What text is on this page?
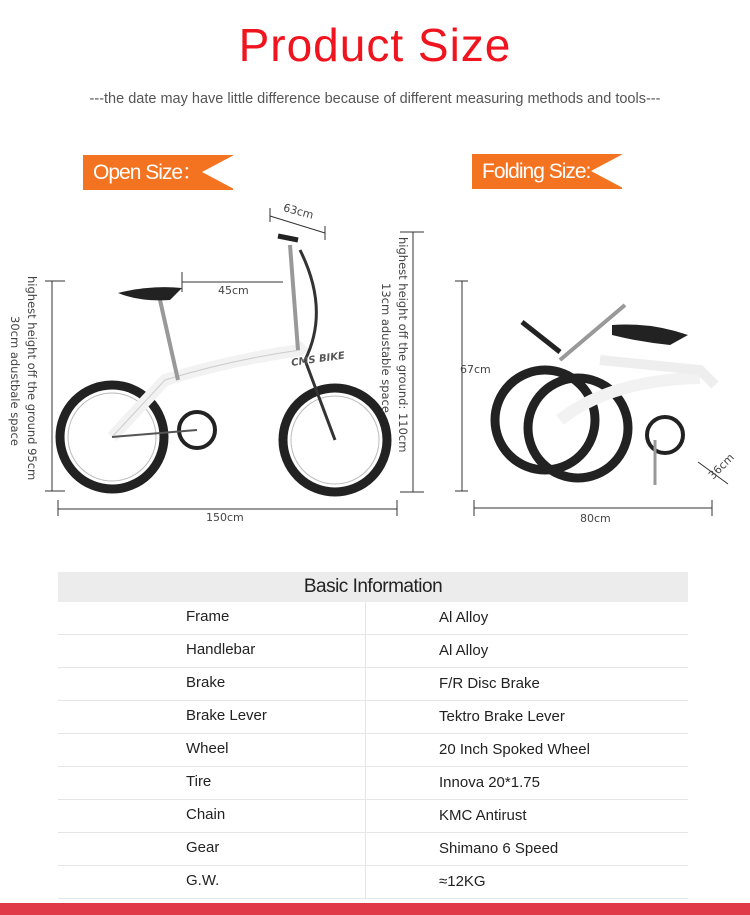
Product Size
---the date may have little difference because of different measuring methods and tools---
Open Size：	Folding Size:
CMS BIKE
63cm
45cm
150cm
highest height off the ground 95cm
30cm adustbale space	highest height off the ground: 110cm
13cm adustable space	67cm
80cm
36cm
Basic Information
Frame	Al Alloy
Handlebar	Al Alloy
Brake	F/R Disc Brake
Brake Lever	Tektro Brake Lever
Wheel	20 Inch Spoked Wheel
Tire	Innova 20*1.75
Chain	KMC Antirust
Gear	Shimano 6 Speed
G.W.	≈12KG
